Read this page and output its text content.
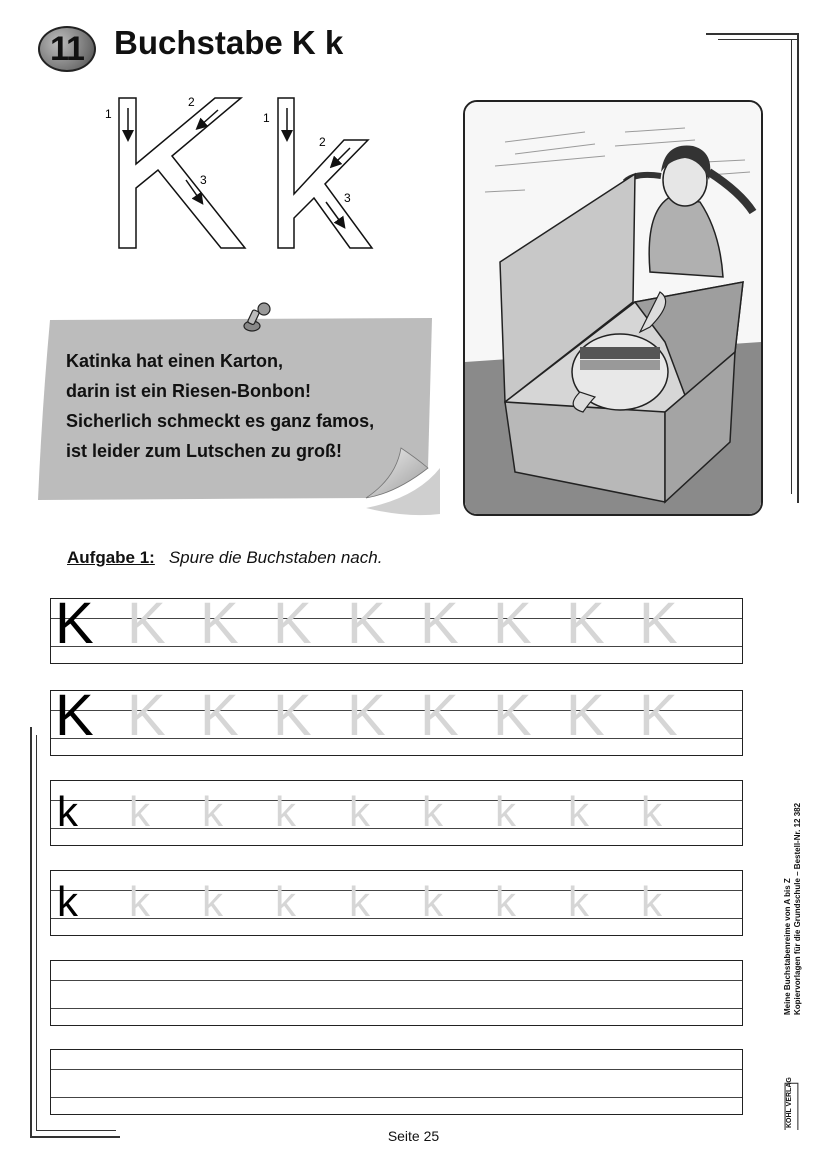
11 Buchstabe K k
1
2
3
1
2
3
Katinka hat einen Karton,
darin ist ein Riesen-Bonbon!
Sicherlich schmeckt es ganz famos,
ist leider zum Lutschen zu groß!
Aufgabe 1: Spure die Buchstaben nach.
K K K K K K K K K
K K K K K K K K K
k k k k k k k k k
k k k k k k k k k	Meine Buchstabenreime von A bis Z Kopiervorlagen für die Grundschule – Bestell-Nr. 12 382
KOHL VERLAG
Seite 25
